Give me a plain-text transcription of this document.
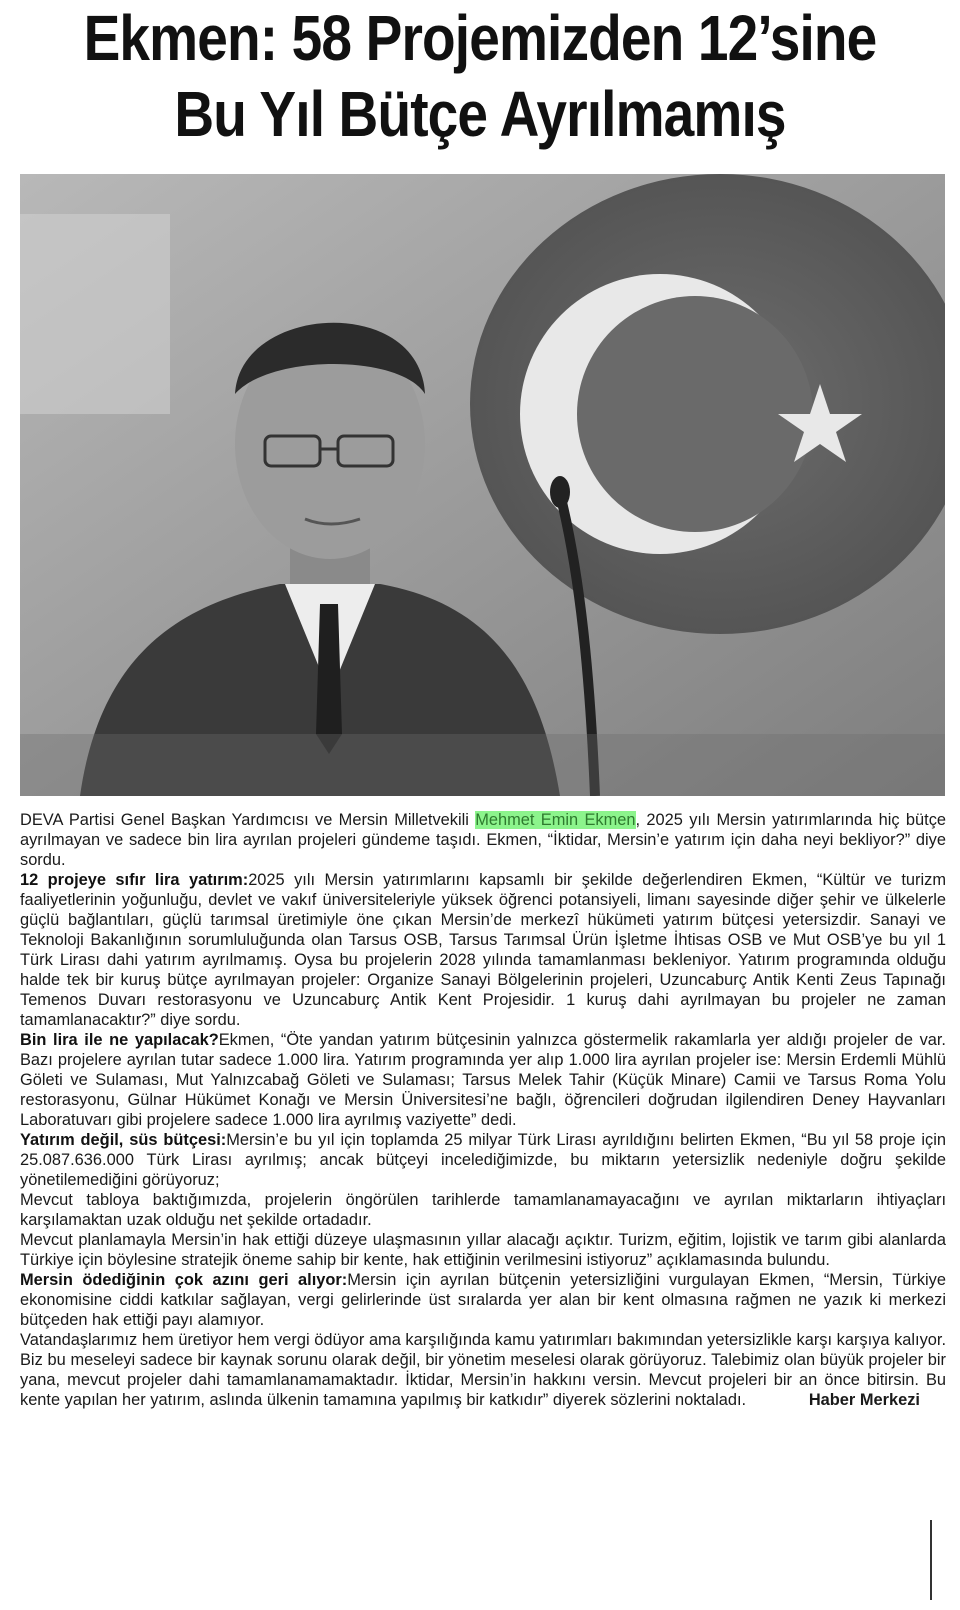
Ekmen: 58 Projemizden 12’sine
Bu Yıl Bütçe Ayrılmamış

DEVA Partisi Genel Başkan Yardımcısı ve Mersin Milletvekili Mehmet Emin Ekmen, 2025 yılı Mersin yatırımlarında hiç bütçe ayrılmayan ve sadece bin lira ayrılan projeleri gündeme taşıdı. Ekmen, “İktidar, Mersin’e yatırım için daha neyi bekliyor?” diye sordu.

12 projeye sıfır lira yatırım:2025 yılı Mersin yatırımlarını kapsamlı bir şekilde değerlendiren Ekmen, “Kültür ve turizm faaliyetlerinin yoğunluğu, devlet ve vakıf üniversiteleriyle yüksek öğrenci potansiyeli, limanı sayesinde diğer şehir ve ülkelerle güçlü bağlantıları, güçlü tarımsal üretimiyle öne çıkan Mersin’de merkezî hükümeti yatırım bütçesi yetersizdir. Sanayi ve Teknoloji Bakanlığının sorumluluğunda olan Tarsus OSB, Tarsus Tarımsal Ürün İşletme İhtisas OSB ve Mut OSB’ye bu yıl 1 Türk Lirası dahi yatırım ayrılmamış. Oysa bu projelerin 2028 yılında tamamlanması bekleniyor. Yatırım programında olduğu halde tek bir kuruş bütçe ayrılmayan projeler: Organize Sanayi Bölgelerinin projeleri, Uzuncaburç Antik Kenti Zeus Tapınağı Temenos Duvarı restorasyonu ve Uzuncaburç Antik Kent Projesidir. 1 kuruş dahi ayrılmayan bu projeler ne zaman tamamlanacaktır?” diye sordu.

Bin lira ile ne yapılacak?Ekmen, “Öte yandan yatırım bütçesinin yalnızca göstermelik rakamlarla yer aldığı projeler de var. Bazı projelere ayrılan tutar sadece 1.000 lira. Yatırım programında yer alıp 1.000 lira ayrılan projeler ise: Mersin Erdemli Mühlü Göleti ve Sulaması, Mut Yalnızcabağ Göleti ve Sulaması; Tarsus Melek Tahir (Küçük Minare) Camii ve Tarsus Roma Yolu restorasyonu, Gülnar Hükümet Konağı ve Mersin Üniversitesi’ne bağlı, öğrencileri doğrudan ilgilendiren Deney Hayvanları Laboratuvarı gibi projelere sadece 1.000 lira ayrılmış vaziyette” dedi.

Yatırım değil, süs bütçesi:Mersin’e bu yıl için toplamda 25 milyar Türk Lirası ayrıldığını belirten Ekmen, “Bu yıl 58 proje için 25.087.636.000 Türk Lirası ayrılmış; ancak bütçeyi incelediğimizde, bu miktarın yetersizlik nedeniyle doğru şekilde yönetilemediğini görüyoruz;

Mevcut tabloya baktığımızda, projelerin öngörülen tarihlerde tamamlanamayacağını ve ayrılan miktarların ihtiyaçları karşılamaktan uzak olduğu net şekilde ortadadır.

Mevcut planlamayla Mersin’in hak ettiği düzeye ulaşmasının yıllar alacağı açıktır. Turizm, eğitim, lojistik ve tarım gibi alanlarda Türkiye için böylesine stratejik öneme sahip bir kente, hak ettiğinin verilmesini istiyoruz” açıklamasında bulundu.

Mersin ödediğinin çok azını geri alıyor:Mersin için ayrılan bütçenin yetersizliğini vurgulayan Ekmen, “Mersin, Türkiye ekonomisine ciddi katkılar sağlayan, vergi gelirlerinde üst sıralarda yer alan bir kent olmasına rağmen ne yazık ki merkezi bütçeden hak ettiği payı alamıyor.

Vatandaşlarımız hem üretiyor hem vergi ödüyor ama karşılığında kamu yatırımları bakımından yetersizlikle karşı karşıya kalıyor. Biz bu meseleyi sadece bir kaynak sorunu olarak değil, bir yönetim meselesi olarak görüyoruz. Talebimiz olan büyük projeler bir yana, mevcut projeler dahi tamamlanamamaktadır. İktidar, Mersin’in hakkını versin. Mevcut projeleri bir an önce bitirsin. Bu kente yapılan her yatırım, aslında ülkenin tamamına yapılmış bir katkıdır” diyerek sözlerini noktaladı.	Haber Merkezi
